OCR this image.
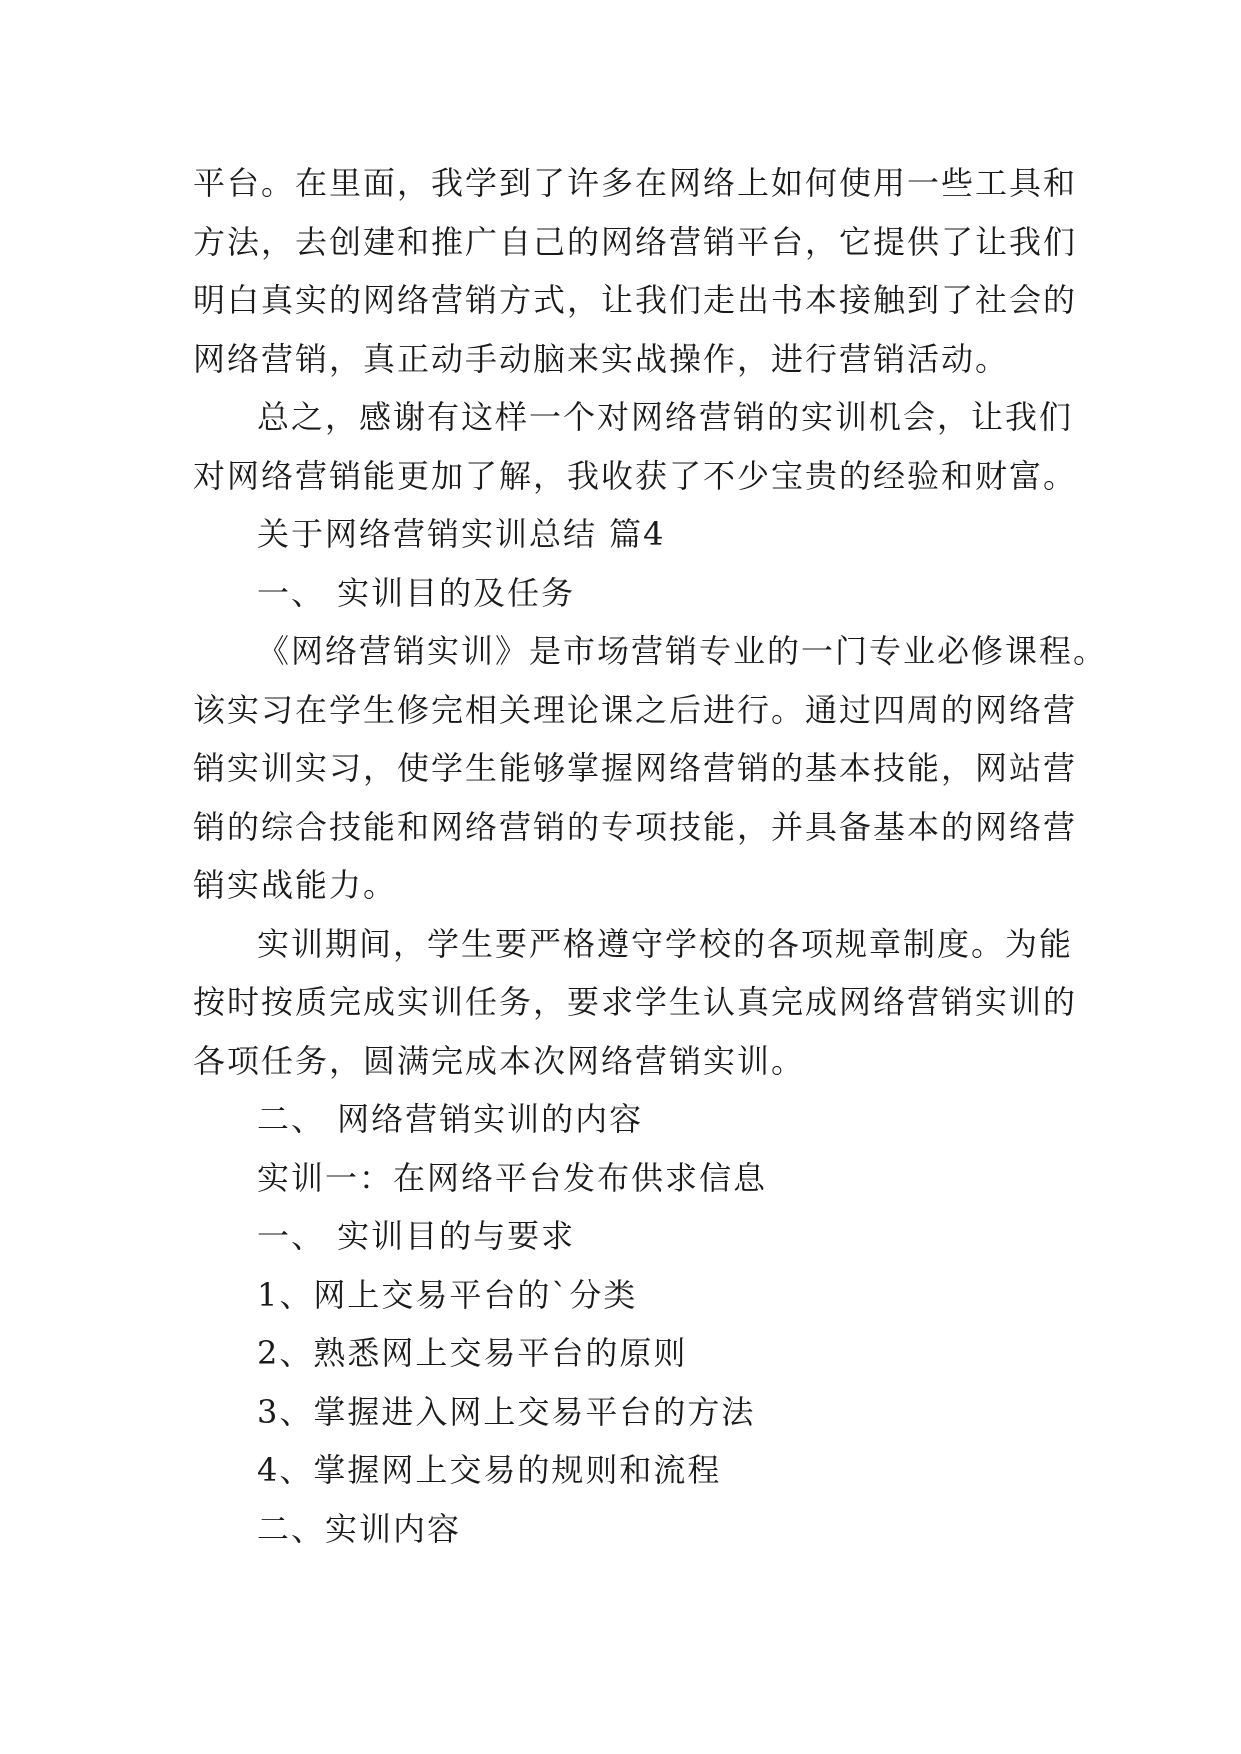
平台。在里面，我学到了许多在网络上如何使用一些工具和
方法，去创建和推广自己的网络营销平台，它提供了让我们
明白真实的网络营销方式，让我们走出书本接触到了社会的
网络营销，真正动手动脑来实战操作，进行营销活动。
总之，感谢有这样一个对网络营销的实训机会，让我们
对网络营销能更加了解，我收获了不少宝贵的经验和财富。
关于网络营销实训总结 篇4
一、 实训目的及任务
《网络营销实训》是市场营销专业的一门专业必修课程。
该实习在学生修完相关理论课之后进行。通过四周的网络营
销实训实习，使学生能够掌握网络营销的基本技能，网站营
销的综合技能和网络营销的专项技能，并具备基本的网络营
销实战能力。
实训期间，学生要严格遵守学校的各项规章制度。为能
按时按质完成实训任务，要求学生认真完成网络营销实训的
各项任务，圆满完成本次网络营销实训。
二、 网络营销实训的内容
实训一：在网络平台发布供求信息
一、 实训目的与要求
1、网上交易平台的`分类
2、熟悉网上交易平台的原则
3、掌握进入网上交易平台的方法
4、掌握网上交易的规则和流程
二、实训内容
